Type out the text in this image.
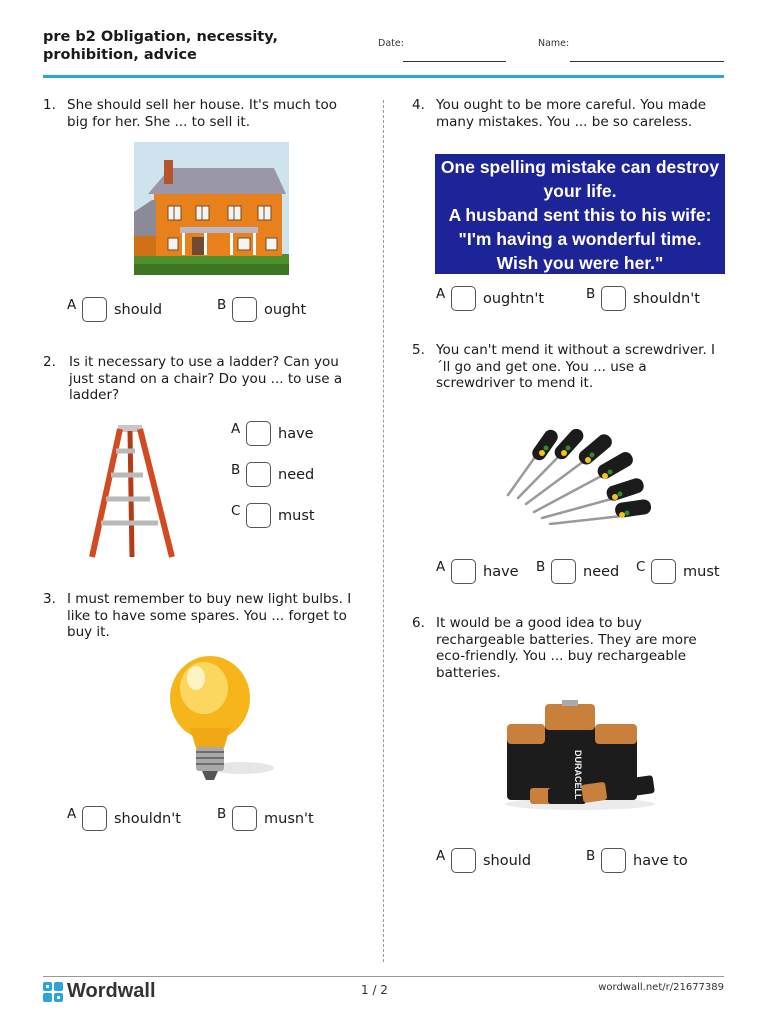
pre b2 Obligation, necessity, prohibition, advice
Date:	Name:
1. She should sell her house. It's much too big for her. She ... to sell it.
A	should	B	ought
2. Is it necessary to use a ladder? Can you just stand on a chair? Do you ... to use a ladder?
A	have
B	need
C	must
3. I must remember to buy new light bulbs. I like to have some spares. You ... forget to buy it.
A	shouldn't	B	musn't
4. You ought to be more careful. You made many mistakes. You ... be so careless.
One spelling mistake can destroy
your life.
A husband sent this to his wife:
"I'm having a wonderful time.
Wish you were her."
A	oughtn't	B	shouldn't
5. You can't mend it without a screwdriver. I´ll go and get one. You ... use a screwdriver to mend it.
A	have B	need C	must
6. It would be a good idea to buy rechargeable batteries. They are more eco-friendly. You ... buy rechargeable batteries.
DURACELL
A	should	B	have to
Wordwall	1 / 2	wordwall.net/r/21677389
